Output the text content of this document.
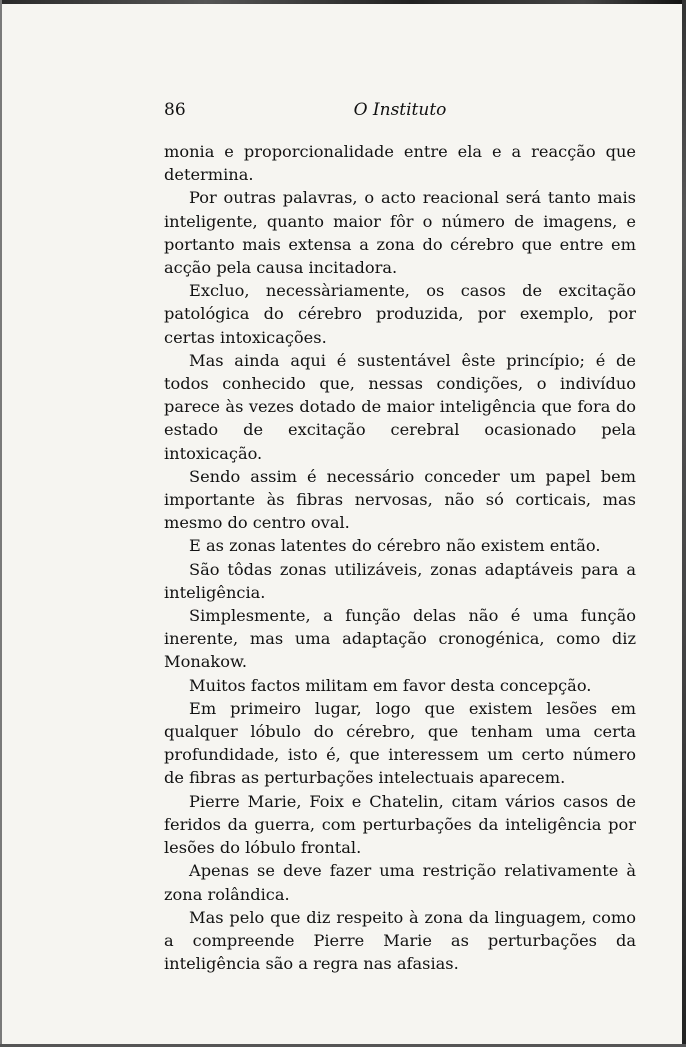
86	O Instituto

monia e proporcionalidade entre ela e a reacção que determina.

Por outras palavras, o acto reacional será tanto mais inteligente, quanto maior fôr o número de imagens, e portanto mais extensa a zona do cérebro que entre em acção pela causa incitadora.

Excluo, necessàriamente, os casos de excitação patológica do cérebro produzida, por exemplo, por certas intoxicações.

Mas ainda aqui é sustentável êste princípio; é de todos conhecido que, nessas condições, o indivíduo parece às vezes dotado de maior inteligência que fora do estado de excitação cerebral ocasionado pela intoxicação.

Sendo assim é necessário conceder um papel bem importante às fibras nervosas, não só corticais, mas mesmo do centro oval.

E as zonas latentes do cérebro não existem então.

São tôdas zonas utilizáveis, zonas adaptáveis para a inteligência.

Simplesmente, a função delas não é uma função inerente, mas uma adaptação cronogénica, como diz Monakow.

Muitos factos militam em favor desta concepção.

Em primeiro lugar, logo que existem lesões em qualquer lóbulo do cérebro, que tenham uma certa profundidade, isto é, que interessem um certo número de fibras as perturbações intelectuais aparecem.

Pierre Marie, Foix e Chatelin, citam vários casos de feridos da guerra, com perturbações da inteligência por lesões do lóbulo frontal.

Apenas se deve fazer uma restrição relativamente à zona rolândica.

Mas pelo que diz respeito à zona da linguagem, como a compreende Pierre Marie as perturbações da inteligência são a regra nas afasias.
